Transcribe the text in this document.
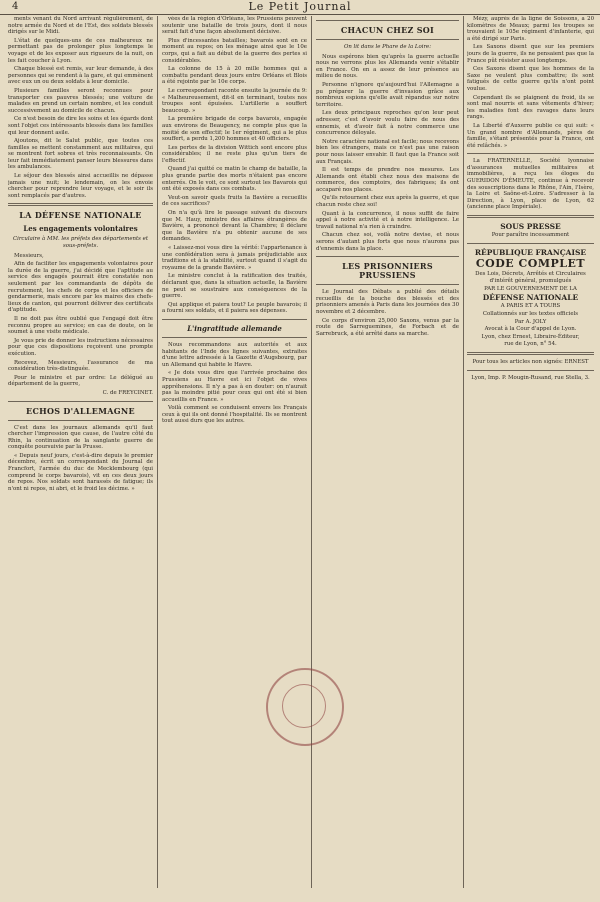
4	Le Petit Journal

ments venant du Nord arrivant régulièrement, de notre armée du Nord et de l'Est, des soldats blessés dirigés sur le Midi.

L'état de quelques-uns de ces malheureux ne permettant pas de prolonger plus longtemps le voyage et de les exposer aux rigueurs de la nuit, on les fait coucher à Lyon.

Chaque blessé est remis, sur leur demande, à des personnes qui se rendent à la gare, et qui emmènent avec eux un ou deux soldats à leur domicile.

Plusieurs familles seront reconnues pour transporter ces pauvres blessés; une voiture de malades en prend un certain nombre, et les conduit successivement au domicile de chacun.

Ce n'est besoin de dire les soins et les égards dont sont l'objet ces intéressants blessés dans les familles qui leur donnent asile.

Ajoutons, dit le Salut public, que toutes ces familles se mettent constamment aux militaires, qui se montrent fort sobres et très reconnaissants. On leur fait immédiatement panser leurs blessures dans les ambulances.

Le séjour des blessés ainsi accueillis ne dépasse jamais une nuit; le lendemain, on les envoie chercher pour reprendre leur voyage, et le soir ils sont remplacés par d'autres.

LA DÉFENSE NATIONALE
Les engagements volontaires
Circulaire à MM. les préfets des départements et sous-préfets.

Messieurs,

Afin de faciliter les engagements volontaires pour la durée de la guerre, j'ai décidé que l'aptitude au service des engagés pourrait être constatée non seulement par les commandants de dépôts de recrutement, les chefs de corps et les officiers de gendarmerie, mais encore par les maires des chefs-lieux de canton, qui pourront délivrer des certificats d'aptitude.

Il ne doit pas être oublié que l'engagé doit être reconnu propre au service; en cas de doute, on le soumet à une visite médicale.

Je vous prie de donner les instructions nécessaires pour que ces dispositions reçoivent une prompte exécution.

Recevez, Messieurs, l'assurance de ma considération très-distinguée.

Pour le ministre et par ordre: Le délégué au département de la guerre,

C. de FREYCINET.
ECHOS D'ALLEMAGNE

C'est dans les journaux allemands qu'il faut chercher l'impression que cause, de l'autre côté du Rhin, la continuation de la sanglante guerre de conquête poursuivie par la Prusse.

« Depuis neuf jours, c'est-à-dire depuis le premier décembre, écrit un correspondant du Journal de Francfort, l'armée du duc de Mecklembourg (qui comprend le corps bavarois), vit en ces deux jours de repos. Nos soldats sont harassés de fatigue; ils n'ont ni repos, ni abri, et le froid les décime. »

vées de la région d'Orléans, les Prussiens peuvent soutenir une bataille de trois jours, dont il nous serait fait d'une façon absolument décisive.

Plus d'incessantes batailles; bavarois sont en ce moment au repos; on les ménage ainsi que le 10e corps, qui a fait au début de la guerre des pertes si considérables.

La colonne de 15 à 20 mille hommes qui a combattu pendant deux jours entre Orléans et Blois a été rejointe par le 10e corps.

Le correspondant raconte ensuite la journée du 9: « Malheureusement, dit-il en terminant, toutes nos troupes sont épuisées. L'artillerie a souffert beaucoup. »

La première brigade de corps bavarois, engagée aux environs de Beaugency, ne compte plus que la moitié de son effectif; le 1er régiment, qui a le plus souffert, a perdu 1,200 hommes et 40 officiers.

Les pertes de la division Wittich sont encore plus considérables; il ne reste plus qu'un tiers de l'effectif.

Quand j'ai quitté ce matin le champ de bataille, la plus grande partie des morts n'étaient pas encore enterrés. On le voit, ce sont surtout les Bavarois qui ont été exposés dans ces combats.

Veut-on savoir quels fruits la Bavière a recueillis de ces sacrifices?

On n'a qu'à lire le passage suivant du discours que M. Hauy, ministre des affaires étrangères de Bavière, a prononcé devant la Chambre; il déclare que la Bavière n'a pu obtenir aucune de ses demandes.

« Laissez-moi vous dire la vérité: l'appartenance à une confédération sera à jamais préjudiciable aux traditions et à la stabilité, surtout quand il s'agit du royaume de la grande Bavière. »

Le ministre conclut à la ratification des traités, déclarant que, dans la situation actuelle, la Bavière ne peut se soustraire aux conséquences de la guerre.

Qui applique et paiera tout? Le peuple bavarois; il a fourni ses soldats, et il paiera ses dépenses.

L'ingratitude allemande

Nous recommandons aux autorités et aux habitants de l'Inde des lignes suivantes, extraites d'une lettre adressée à la Gazette d'Augsbourg, par un Allemand qui habite le Havre.

« Je dois vous dire que l'arrivée prochaine des Prussiens au Havre est ici l'objet de vives appréhensions. Il n'y a pas à en douter: on n'aurait pas la moindre pitié pour ceux qui ont été si bien accueillis en France. »

Voilà comment se conduisent envers les Français ceux à qui ils ont donné l'hospitalité. Ils se montrent tout aussi durs que les autres.

CHACUN CHEZ SOI
On lit dans le Phare de la Loire:

Nous espérons bien qu'après la guerre actuelle nous ne verrons plus les Allemands venir s'établir en France. On en a assez de leur présence au milieu de nous.

Personne n'ignore qu'aujourd'hui l'Allemagne a pu préparer la guerre d'invasion grâce aux nombreux espions qu'elle avait répandus sur notre territoire.

Les deux principaux reproches qu'on leur peut adresser, c'est d'avoir voulu faire de nous des ennemis, et d'avoir fait à notre commerce une concurrence déloyale.

Notre caractère national est facile; nous recevons bien les étrangers, mais ce n'est pas une raison pour nous laisser envahir. Il faut que la France soit aux Français.

Il est temps de prendre nos mesures. Les Allemands ont établi chez nous des maisons de commerce, des comptoirs, des fabriques; ils ont accaparé nos places.

Qu'ils retournent chez eux après la guerre, et que chacun reste chez soi!

Quant à la concurrence, il nous suffit de faire appel à notre activité et à notre intelligence. Le travail national n'a rien à craindre.

Chacun chez soi, voilà notre devise, et nous serons d'autant plus forts que nous n'aurons pas d'ennemis dans la place.

LES PRISONNIERS PRUSSIENS

Le Journal des Débats a publié des détails recueillis de la bouche des blessés et des prisonniers amenés à Paris dans les journées des 30 novembre et 2 décembre.

Ce corps d'environ 25,000 Saxons, venus par la route de Sarreguemines, de Forbach et de Sarrebruck, a été arrêté dans sa marche.

Mézy, auprès de la ligne de Soissons, a 20 kilomètres de Meaux; parmi les troupes se trouvaient le 105e régiment d'infanterie, qui a été dirigé sur Paris.

Les Saxons disent que sur les premiers jours de la guerre, ils ne pensaient pas que la France pût résister aussi longtemps.

Ces Saxons disent que les hommes de la Saxe ne veulent plus combattre; ils sont fatigués de cette guerre qu'ils n'ont point voulue.

Cependant ils se plaignent du froid, ils se sont mal nourris et sans vêtements d'hiver; les maladies font des ravages dans leurs rangs.

La Liberté d'Auxerre publie ce qui suit: « Un grand nombre d'Allemands, pères de famille, s'étant présentés pour la France, ont été relâchés. »

La FRATERNELLE, Société lyonnaise d'assurances mutuelles militaires et immobilières, a reçu les éloges du GUERIDON D'ÉMEUTE, continue à recevoir des souscriptions dans le Rhône, l'Ain, l'Isère, la Loire et Saône-et-Loire. S'adresser à la Direction, à Lyon, place de Lyon, 62 (ancienne place Impériale).

SOUS PRESSE
Pour paraître incessamment
RÉPUBLIQUE FRANÇAISE
CODE COMPLET
Des Lois, Décrets, Arrêtés et Circulaires
d'intérêt général, promulgués
PAR LE GOUVERNEMENT DE LA
DÉFENSE NATIONALE
A PARIS ET A TOURS
Collationnés sur les textes officiels
Par A. JOLY
Avocat à la Cour d'appel de Lyon.
Lyon, chez Ernest, Libraire-Éditeur,
rue de Lyon, n° 54.
Pour tous les articles non signés: ERNEST
Lyon, Imp. P. Mougin-Rusand, rue Stella, 3.
